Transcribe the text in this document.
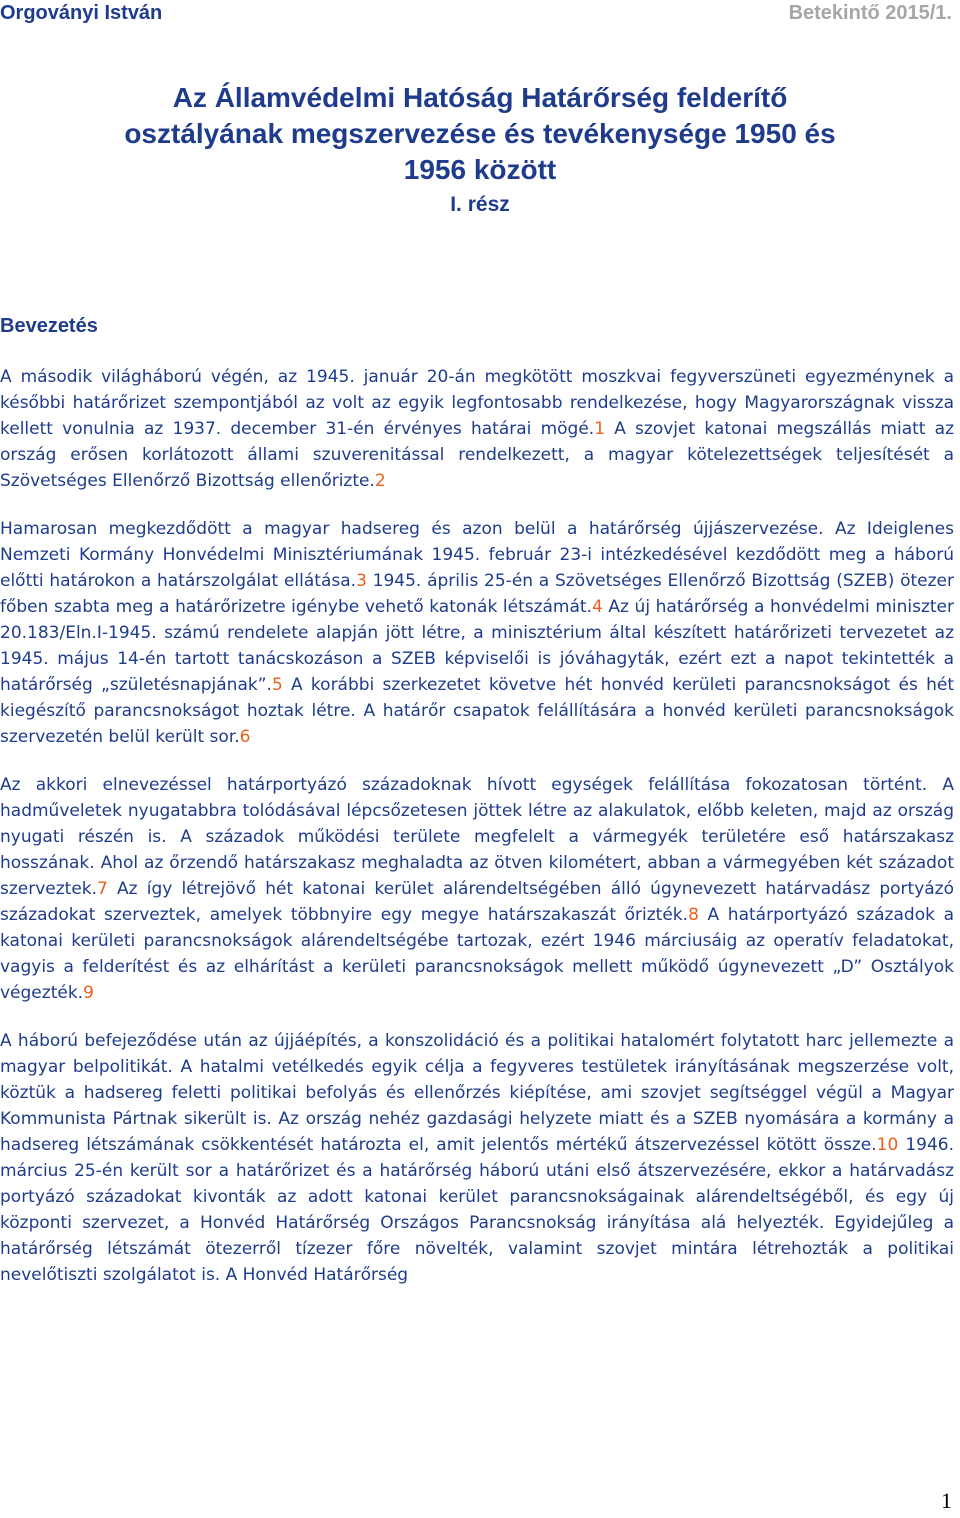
Orgoványi István	Betekintő 2015/1.
Az Államvédelmi Hatóság Határőrség felderítő
osztályának megszervezése és tevékenysége 1950 és
1956 között
I. rész
Bevezetés

A második világháború végén, az 1945. január 20-án megkötött moszkvai fegyverszüneti egyezménynek a későbbi határőrizet szempontjából az volt az egyik legfontosabb rendelkezése, hogy Magyarországnak vissza kellett vonulnia az 1937. december 31-én érvényes határai mögé.1 A szovjet katonai megszállás miatt az ország erősen korlátozott állami szuverenitással rendelkezett, a magyar kötelezettségek teljesítését a Szövetséges Ellenőrző Bizottság ellenőrizte.2

Hamarosan megkezdődött a magyar hadsereg és azon belül a határőrség újjászervezése. Az Ideiglenes Nemzeti Kormány Honvédelmi Minisztériumának 1945. február 23-i intézkedésével kezdődött meg a háború előtti határokon a határszolgálat ellátása.3 1945. április 25-én a Szövetséges Ellenőrző Bizottság (SZEB) ötezer főben szabta meg a határőrizetre igénybe vehető katonák létszámát.4 Az új határőrség a honvédelmi miniszter 20.183/Eln.I-1945. számú rendelete alapján jött létre, a minisztérium által készített határőrizeti tervezetet az 1945. május 14-én tartott tanácskozáson a SZEB képviselői is jóváhagyták, ezért ezt a napot tekintették a határőrség „születésnapjának”.5 A korábbi szerkezetet követve hét honvéd kerületi parancsnokságot és hét kiegészítő parancsnokságot hoztak létre. A határőr csapatok felállítására a honvéd kerületi parancsnokságok szervezetén belül került sor.6

Az akkori elnevezéssel határportyázó századoknak hívott egységek felállítása fokozatosan történt. A hadműveletek nyugatabbra tolódásával lépcsőzetesen jöttek létre az alakulatok, előbb keleten, majd az ország nyugati részén is. A századok működési területe megfelelt a vármegyék területére eső határszakasz hosszának. Ahol az őrzendő határszakasz meghaladta az ötven kilométert, abban a vármegyében két századot szerveztek.7 Az így létrejövő hét katonai kerület alárendeltségében álló úgynevezett határvadász portyázó századokat szerveztek, amelyek többnyire egy megye határszakaszát őrizték.8 A határportyázó századok a katonai kerületi parancsnokságok alárendeltségébe tartozak, ezért 1946 márciusáig az operatív feladatokat, vagyis a felderítést és az elhárítást a kerületi parancsnokságok mellett működő úgynevezett „D” Osztályok végezték.9

A háború befejeződése után az újjáépítés, a konszolidáció és a politikai hatalomért folytatott harc jellemezte a magyar belpolitikát. A hatalmi vetélkedés egyik célja a fegyveres testületek irányításának megszerzése volt, köztük a hadsereg feletti politikai befolyás és ellenőrzés kiépítése, ami szovjet segítséggel végül a Magyar Kommunista Pártnak sikerült is. Az ország nehéz gazdasági helyzete miatt és a SZEB nyomására a kormány a hadsereg létszámának csökkentését határozta el, amit jelentős mértékű átszervezéssel kötött össze.10 1946. március 25-én került sor a határőrizet és a határőrség háború utáni első átszervezésére, ekkor a határvadász portyázó századokat kivonták az adott katonai kerület parancsnokságainak alárendeltségéből, és egy új központi szervezet, a Honvéd Határőrség Országos Parancsnokság irányítása alá helyezték. Egyidejűleg a határőrség létszámát ötezerről tízezer főre növelték, valamint szovjet mintára létrehozták a politikai nevelőtiszti szolgálatot is. A Honvéd Határőrség

1
